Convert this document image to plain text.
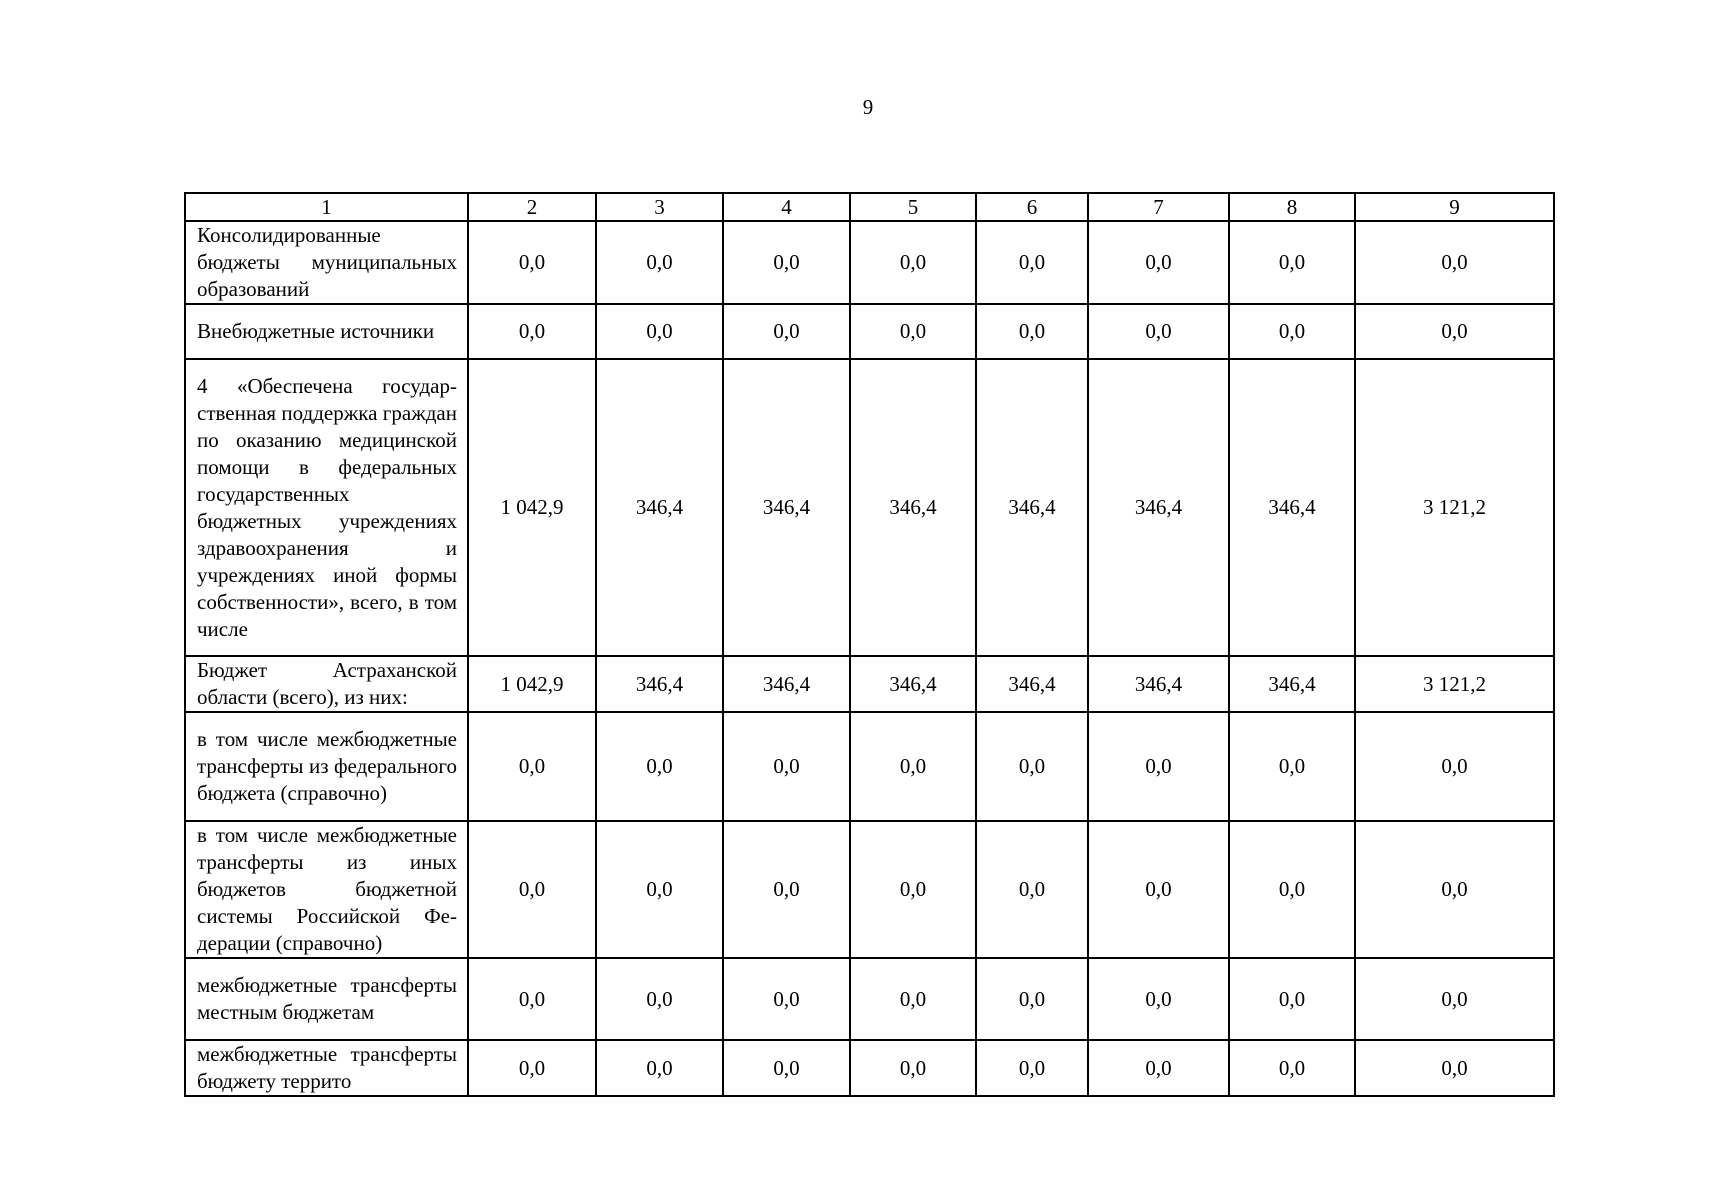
9
1	2	3	4	5	6	7	8	9
Консолидированные бюджеты муниципальных образований	0,0	0,0	0,0	0,0	0,0	0,0	0,0	0,0
Внебюджетные источники	0,0	0,0	0,0	0,0	0,0	0,0	0,0	0,0
4 «Обеспечена государственная поддержка граждан по оказанию медицинской помощи в федеральных государственных бюджетных учреждениях здравоохранения и учреждениях иной формы собственности», всего, в том числе	1 042,9	346,4	346,4	346,4	346,4	346,4	346,4	3 121,2
Бюджет Астраханской области (всего), из них:	1 042,9	346,4	346,4	346,4	346,4	346,4	346,4	3 121,2
в том числе межбюджетные трансферты из федерального бюджета (справочно)	0,0	0,0	0,0	0,0	0,0	0,0	0,0	0,0
в том числе межбюджетные трансферты из иных бюджетов бюджетной системы Российской Федерации (справочно)	0,0	0,0	0,0	0,0	0,0	0,0	0,0	0,0
межбюджетные трансферты местным бюджетам	0,0	0,0	0,0	0,0	0,0	0,0	0,0	0,0
межбюджетные трансферты бюджету террито	0,0	0,0	0,0	0,0	0,0	0,0	0,0	0,0
